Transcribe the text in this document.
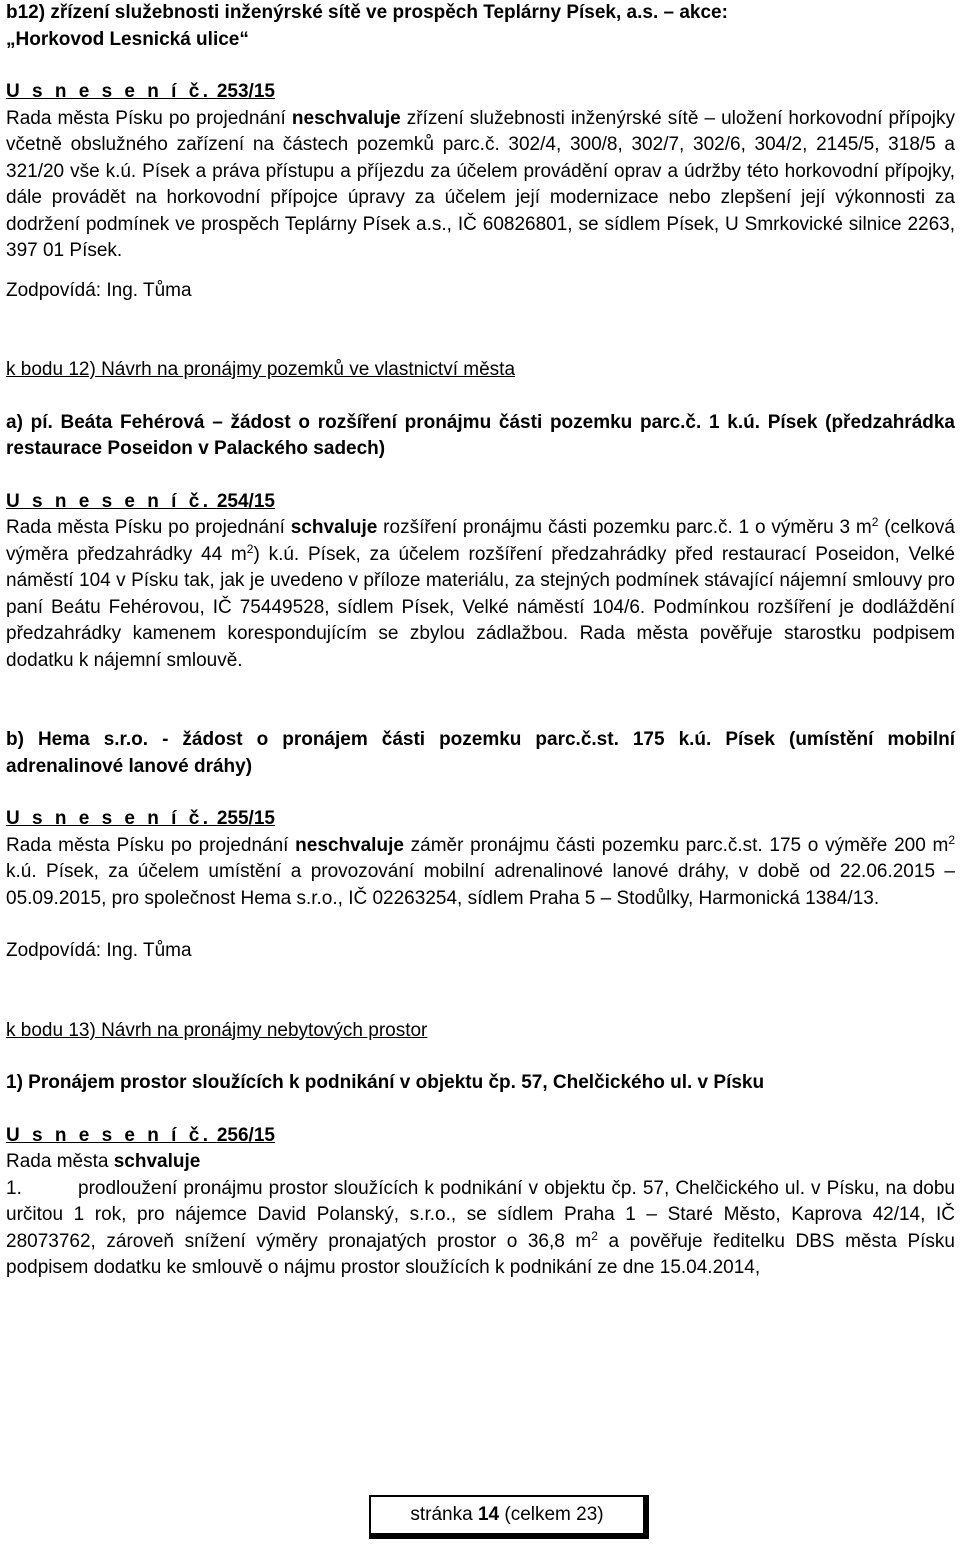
b12) zřízení služebnosti inženýrské sítě ve prospěch Teplárny Písek, a.s. – akce:
„Horkovod Lesnická ulice“

U s n e s e n í č. 253/15
Rada města Písku po projednání neschvaluje zřízení služebnosti inženýrské sítě – uložení horkovodní přípojky včetně obslužného zařízení na částech pozemků parc.č. 302/4, 300/8, 302/7, 302/6, 304/2, 2145/5, 318/5 a 321/20 vše k.ú. Písek a práva přístupu a příjezdu za účelem provádění oprav a údržby této horkovodní přípojky, dále provádět na horkovodní přípojce úpravy za účelem její modernizace nebo zlepšení její výkonnosti za dodržení podmínek ve prospěch Teplárny Písek a.s., IČ 60826801, se sídlem Písek, U Smrkovické silnice 2263, 397 01 Písek.

Zodpovídá: Ing. Tůma

k bodu 12) Návrh na pronájmy pozemků ve vlastnictví města

a) pí. Beáta Fehérová – žádost o rozšíření pronájmu části pozemku parc.č. 1 k.ú. Písek (předzahrádka restaurace Poseidon v Palackého sadech)

U s n e s e n í č. 254/15
Rada města Písku po projednání schvaluje rozšíření pronájmu části pozemku parc.č. 1 o výměru 3 $m^2$ (celková výměra předzahrádky 44 $m^2$) k.ú. Písek, za účelem rozšíření předzahrádky před restaurací Poseidon, Velké náměstí 104 v Písku tak, jak je uvedeno v příloze materiálu, za stejných podmínek stávající nájemní smlouvy pro paní Beátu Fehérovou, IČ 75449528, sídlem Písek, Velké náměstí 104/6. Podmínkou rozšíření je dodláždění předzahrádky kamenem korespondujícím se zbylou zádlažbou. Rada města pověřuje starostku podpisem dodatku k nájemní smlouvě.

b) Hema s.r.o. - žádost o pronájem části pozemku parc.č.st. 175 k.ú. Písek (umístění mobilní adrenalinové lanové dráhy)

U s n e s e n í č. 255/15
Rada města Písku po projednání neschvaluje záměr pronájmu části pozemku parc.č.st. 175 o výměře 200 $m^2$ k.ú. Písek, za účelem umístění a provozování mobilní adrenalinové lanové dráhy, v době od 22.06.2015 – 05.09.2015, pro společnost Hema s.r.o., IČ 02263254, sídlem Praha 5 – Stodůlky, Harmonická 1384/13.

Zodpovídá: Ing. Tůma

k bodu 13) Návrh na pronájmy nebytových prostor

1) Pronájem prostor sloužících k podnikání v objektu čp. 57, Chelčického ul. v Písku

U s n e s e n í č. 256/15
Rada města schvaluje

1.	prodloužení pronájmu prostor sloužících k podnikání v objektu čp. 57, Chelčického ul. v Písku, na dobu určitou 1 rok, pro nájemce David Polanský, s.r.o., se sídlem Praha 1 – Staré Město, Kaprova 42/14, IČ 28073762, zároveň snížení výměry pronajatých prostor o 36,8 $m^2$ a pověřuje ředitelku DBS města Písku podpisem dodatku ke smlouvě o nájmu prostor sloužících k podnikání ze dne 15.04.2014,

stránka 14 (celkem 23)
